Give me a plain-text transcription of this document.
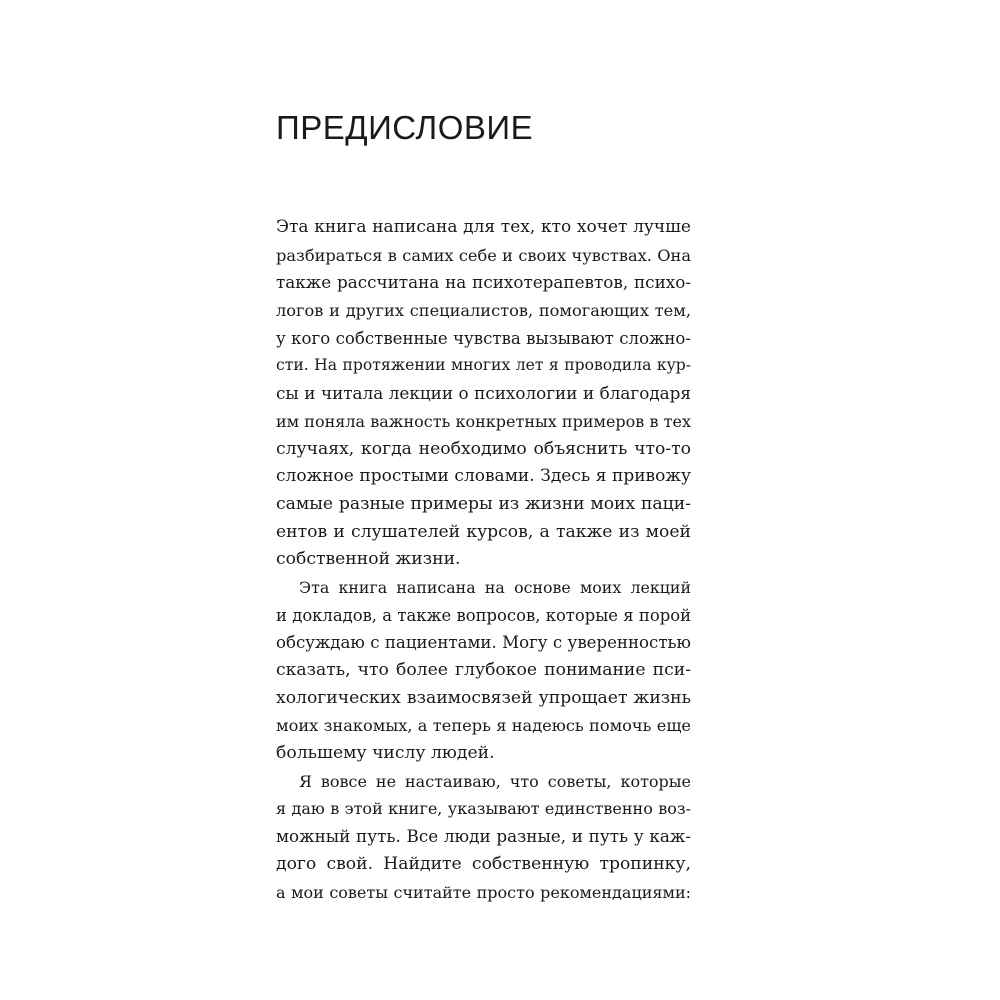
ПРЕДИСЛОВИЕ
Эта книга написана для тех, кто хочет лучше
разбираться в самих себе и своих чувствах. Она
также рассчитана на психотерапевтов, психо-
логов и других специалистов, помогающих тем,
у кого собственные чувства вызывают сложно-
сти. На протяжении многих лет я проводила кур-
сы и читала лекции о психологии и благодаря
им поняла важность конкретных примеров в тех
случаях, когда необходимо объяснить что-то
сложное простыми словами. Здесь я привожу
самые разные примеры из жизни моих паци-
ентов и слушателей курсов, а также из моей
собственной жизни.
Эта книга написана на основе моих лекций
и докладов, а также вопросов, которые я порой
обсуждаю с пациентами. Могу с уверенностью
сказать, что более глубокое понимание пси-
хологических взаимосвязей упрощает жизнь
моих знакомых, а теперь я надеюсь помочь еще
большему числу людей.
Я вовсе не настаиваю, что советы, которые
я даю в этой книге, указывают единственно воз-
можный путь. Все люди разные, и путь у каж-
дого свой. Найдите собственную тропинку,
а мои советы считайте просто рекомендациями:
